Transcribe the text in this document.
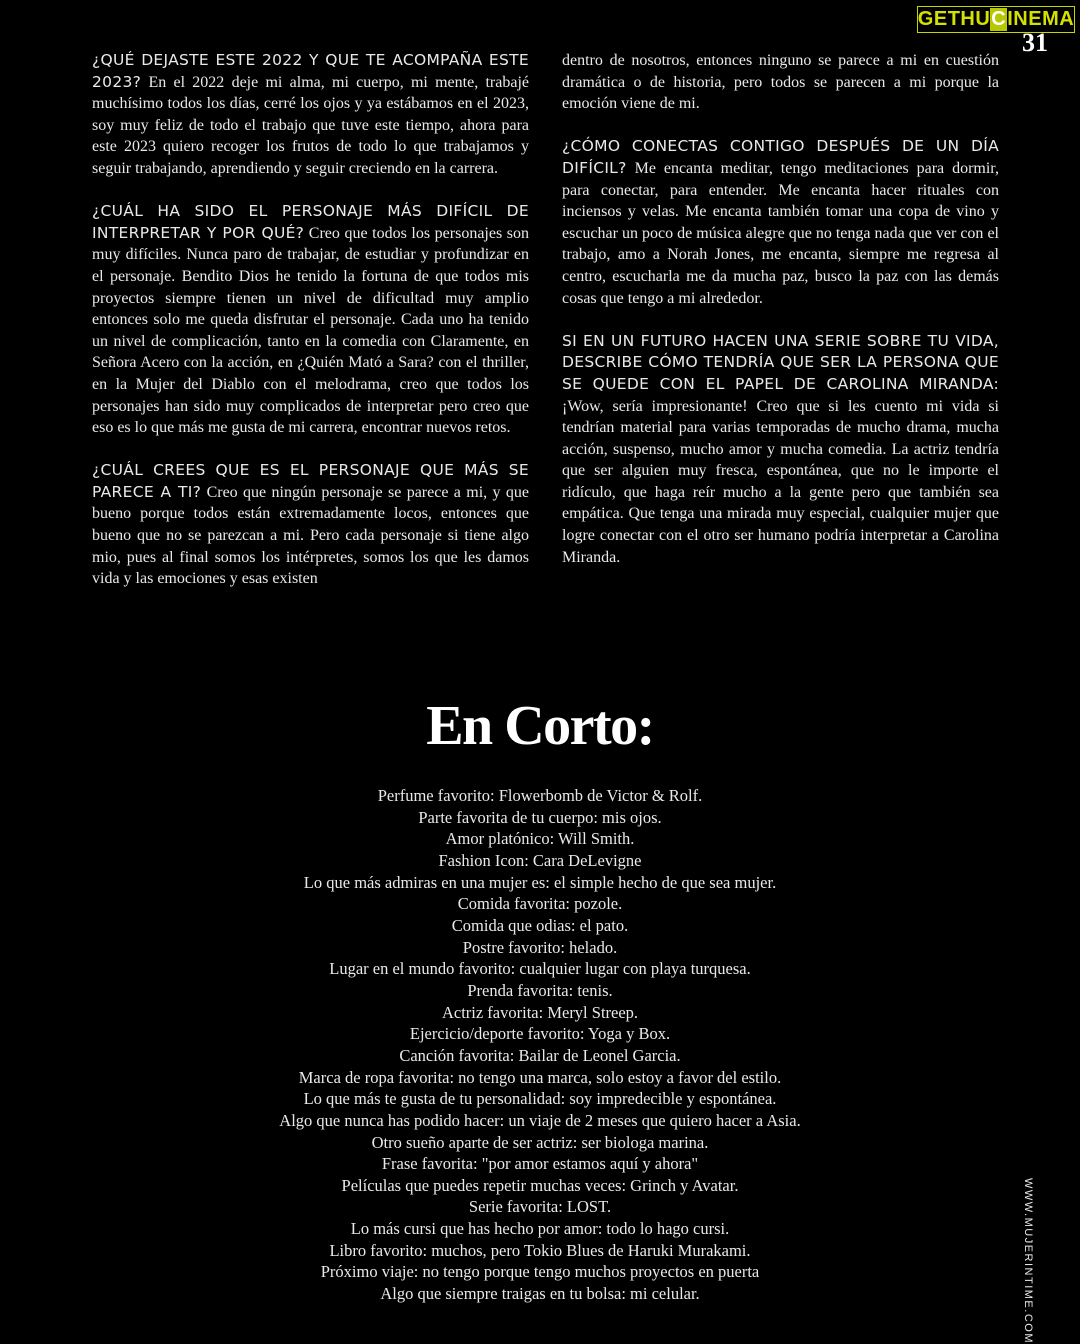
GETHU C INEMA
31

¿QUÉ DEJASTE ESTE 2022 Y QUE TE ACOMPAÑA ESTE 2023? En el 2022 deje mi alma, mi cuerpo, mi mente, trabajé muchísimo todos los días, cerré los ojos y ya estábamos en el 2023, soy muy feliz de todo el trabajo que tuve este tiempo, ahora para este 2023 quiero recoger los frutos de todo lo que trabajamos y seguir trabajando, aprendiendo y seguir creciendo en la carrera.

¿CUÁL HA SIDO EL PERSONAJE MÁS DIFÍCIL DE INTERPRETAR Y POR QUÉ? Creo que todos los personajes son muy difíciles. Nunca paro de trabajar, de estudiar y profundizar en el personaje. Bendito Dios he tenido la fortuna de que todos mis proyectos siempre tienen un nivel de dificultad muy amplio entonces solo me queda disfrutar el personaje. Cada uno ha tenido un nivel de complicación, tanto en la comedia con Claramente, en Señora Acero con la acción, en ¿Quién Mató a Sara? con el thriller, en la Mujer del Diablo con el melodrama, creo que todos los personajes han sido muy complicados de interpretar pero creo que eso es lo que más me gusta de mi carrera, encontrar nuevos retos.

¿CUÁL CREES QUE ES EL PERSONAJE QUE MÁS SE PARECE A TI? Creo que ningún personaje se parece a mi, y que bueno porque todos están extremadamente locos, entonces que bueno que no se parezcan a mi. Pero cada personaje si tiene algo mio, pues al final somos los intérpretes, somos los que les damos vida y las emociones y esas existen

dentro de nosotros, entonces ninguno se parece a mi en cuestión dramática o de historia, pero todos se parecen a mi porque la emoción viene de mi.

¿CÓMO CONECTAS CONTIGO DESPUÉS DE UN DÍA DIFÍCIL? Me encanta meditar, tengo meditaciones para dormir, para conectar, para entender. Me encanta hacer rituales con inciensos y velas. Me encanta también tomar una copa de vino y escuchar un poco de música alegre que no tenga nada que ver con el trabajo, amo a Norah Jones, me encanta, siempre me regresa al centro, escucharla me da mucha paz, busco la paz con las demás cosas que tengo a mi alrededor.

SI EN UN FUTURO HACEN UNA SERIE SOBRE TU VIDA, DESCRIBE CÓMO TENDRÍA QUE SER LA PERSONA QUE SE QUEDE CON EL PAPEL DE CAROLINA MIRANDA: ¡Wow, sería impresionante! Creo que si les cuento mi vida si tendrían material para varias temporadas de mucho drama, mucha acción, suspenso, mucho amor y mucha comedia. La actriz tendría que ser alguien muy fresca, espontánea, que no le importe el ridículo, que haga reír mucho a la gente pero que también sea empática. Que tenga una mirada muy especial, cualquier mujer que logre conectar con el otro ser humano podría interpretar a Carolina Miranda.

En Corto:
Perfume favorito: Flowerbomb de Victor & Rolf.
Parte favorita de tu cuerpo: mis ojos.
Amor platónico: Will Smith.
Fashion Icon: Cara DeLevigne
Lo que más admiras en una mujer es: el simple hecho de que sea mujer.
Comida favorita: pozole.
Comida que odias: el pato.
Postre favorito: helado.
Lugar en el mundo favorito: cualquier lugar con playa turquesa.
Prenda favorita: tenis.
Actriz favorita: Meryl Streep.
Ejercicio/deporte favorito: Yoga y Box.
Canción favorita: Bailar de Leonel Garcia.
Marca de ropa favorita: no tengo una marca, solo estoy a favor del estilo.
Lo que más te gusta de tu personalidad: soy impredecible y espontánea.
Algo que nunca has podido hacer: un viaje de 2 meses que quiero hacer a Asia.
Otro sueño aparte de ser actriz: ser biologa marina.
Frase favorita: "por amor estamos aquí y ahora"
Películas que puedes repetir muchas veces: Grinch y Avatar.
Serie favorita: LOST.
Lo más cursi que has hecho por amor: todo lo hago cursi.
Libro favorito: muchos, pero Tokio Blues de Haruki Murakami.
Próximo viaje: no tengo porque tengo muchos proyectos en puerta
Algo que siempre traigas en tu bolsa: mi celular.	WWW.MUJERINTIME.COM
